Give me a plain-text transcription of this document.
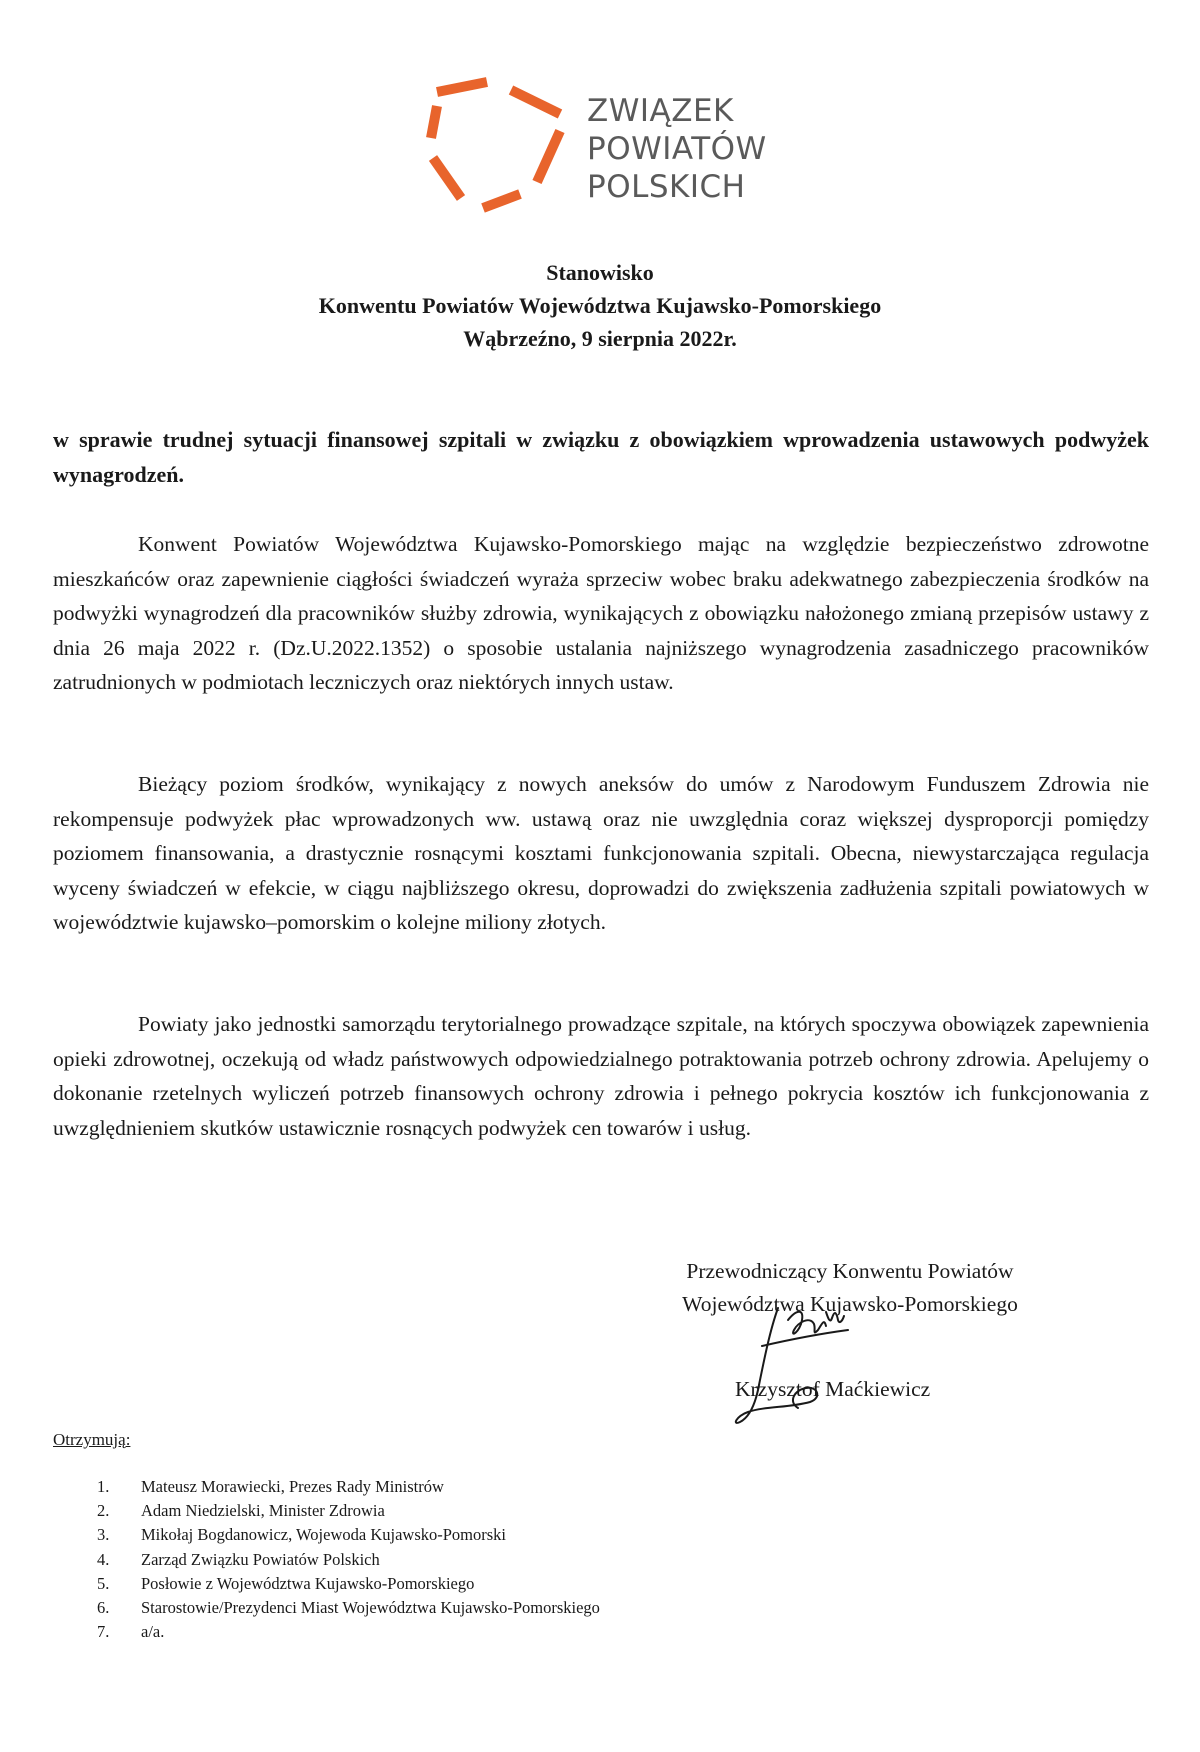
ZWIĄZEK
POWIATÓW
POLSKICH
Stanowisko
Konwentu Powiatów Województwa Kujawsko-Pomorskiego
Wąbrzeźno, 9 sierpnia 2022r.
w sprawie trudnej sytuacji finansowej szpitali w związku z obowiązkiem wprowadzenia ustawowych podwyżek wynagrodzeń.
Konwent Powiatów Województwa Kujawsko-Pomorskiego mając na względzie bezpieczeństwo zdrowotne mieszkańców oraz zapewnienie ciągłości świadczeń wyraża sprzeciw wobec braku adekwatnego zabezpieczenia środków na podwyżki wynagrodzeń dla pracowników służby zdrowia, wynikających z obowiązku nałożonego zmianą przepisów ustawy z dnia 26 maja 2022 r. (Dz.U.2022.1352) o sposobie ustalania najniższego wynagrodzenia zasadniczego pracowników zatrudnionych w podmiotach leczniczych oraz niektórych innych ustaw.
Bieżący poziom środków, wynikający z nowych aneksów do umów z Narodowym Funduszem Zdrowia nie rekompensuje podwyżek płac wprowadzonych ww. ustawą oraz nie uwzględnia coraz większej dysproporcji pomiędzy poziomem finansowania, a drastycznie rosnącymi kosztami funkcjonowania szpitali. Obecna, niewystarczająca regulacja wyceny świadczeń w efekcie, w ciągu najbliższego okresu, doprowadzi do zwiększenia zadłużenia szpitali powiatowych w województwie kujawsko–pomorskim o kolejne miliony złotych.
Powiaty jako jednostki samorządu terytorialnego prowadzące szpitale, na których spoczywa obowiązek zapewnienia opieki zdrowotnej, oczekują od władz państwowych odpowiedzialnego potraktowania potrzeb ochrony zdrowia. Apelujemy o dokonanie rzetelnych wyliczeń potrzeb finansowych ochrony zdrowia i pełnego pokrycia kosztów ich funkcjonowania z uwzględnieniem skutków ustawicznie rosnących podwyżek cen towarów i usług.
Przewodniczący Konwentu Powiatów
Województwa Kujawsko-Pomorskiego
Krzysztof Maćkiewicz
Otrzymują:
1. Mateusz Morawiecki, Prezes Rady Ministrów
2. Adam Niedzielski, Minister Zdrowia
3. Mikołaj Bogdanowicz, Wojewoda Kujawsko-Pomorski
4. Zarząd Związku Powiatów Polskich
5. Posłowie z Województwa Kujawsko-Pomorskiego
6. Starostowie/Prezydenci Miast Województwa Kujawsko-Pomorskiego
7. a/a.
